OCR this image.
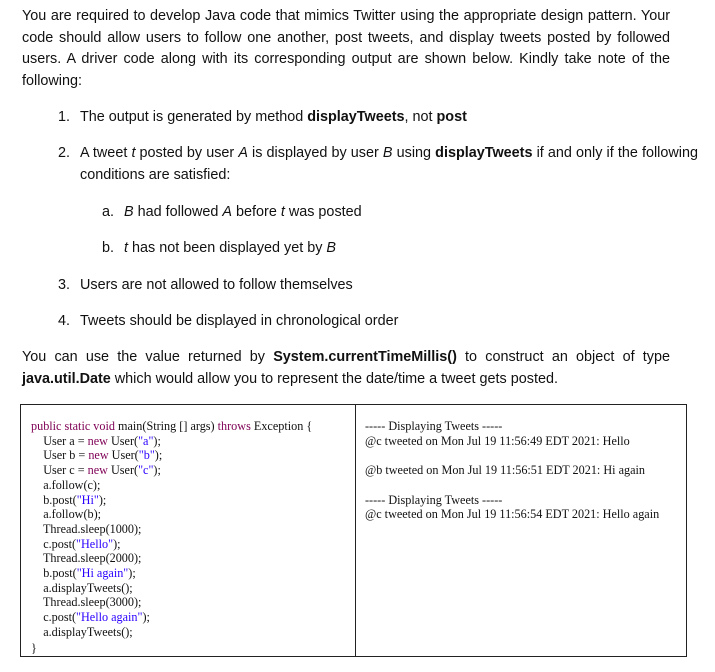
You are required to develop Java code that mimics Twitter using the appropriate design pattern. Your code should allow users to follow one another, post tweets, and display tweets posted by followed users. A driver code along with its corresponding output are shown below. Kindly take note of the following:

1. The output is generated by method displayTweets, not post
2. A tweet t posted by user A is displayed by user B using displayTweets if and only if the following conditions are satisfied:
a. B had followed A before t was posted
b. t has not been displayed yet by B
3. Users are not allowed to follow themselves
4. Tweets should be displayed in chronological order

You can use the value returned by System.currentTimeMillis() to construct an object of type java.util.Date which would allow you to represent the date/time a tweet gets posted.

public static void main(String [] args) throws Exception {
User a = new User("a");
User b = new User("b");
User c = new User("c");
a.follow(c);
b.post("Hi");
a.follow(b);
Thread.sleep(1000);
c.post("Hello");
Thread.sleep(2000);
b.post("Hi again");
a.displayTweets();
Thread.sleep(3000);
c.post("Hello again");
a.displayTweets();
----- Displaying Tweets -----
@c tweeted on Mon Jul 19 11:56:49 EDT 2021: Hello

@b tweeted on Mon Jul 19 11:56:51 EDT 2021: Hi again

----- Displaying Tweets -----
@c tweeted on Mon Jul 19 11:56:54 EDT 2021: Hello again
}
